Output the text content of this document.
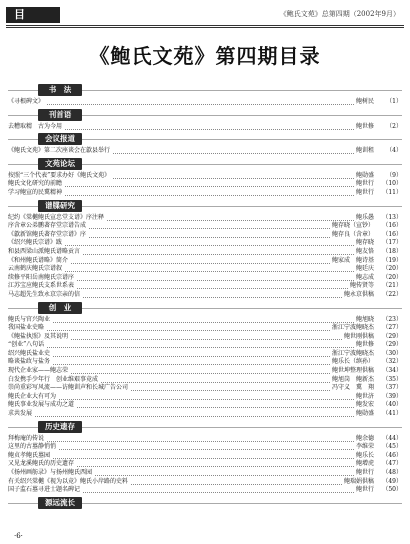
目 录
《鲍氏文苑》总第四期（2002年9月）
《鲍氏文苑》第四期目录
书　法
《寻根碑文》	鲍树民	（1）
刊首语
去糟取精　古为今用	鲍世修	（2）
会议报道
《鲍氏文苑》第二次座谈会在歙县举行	鲍训租	（4）
文苑论坛
按照“三个代表”要求办好《鲍氏文苑》	鲍勋盛	（9）
鲍氏文化研究的前瞻	鲍世行	（10）
学习鲍宣的民冀精神	鲍世行	（11）
谱牒研究
纪约《棠樾鲍氏宣忠堂支谱》序注释	鲍乐愚	（13）
序含章公弟鹏著存堂宗谱告成	鲍存晓（宣钞）	（16）
《歙新馆鲍氏著存堂宗谱》序	鲍存良（含章）	（16）
《绍兴鲍氏宗谱》跋	鲍存晓	（17）
和县西梁山派鲍氏谱略贡言	鲍友恪	（18）
《和州鲍氏谱略》简介	鲍家成　鲍诗基	（19）
云南鹤庆鲍氏宗谱叙	鲍廷庆	（20）
续修平阳岳南鲍氏宗谱序	鲍志成	（20）
江苏宝应鲍氏支系世系表	鲍传贤等	（21）
马志超先生致永京宗亲的信	鲍永京供稿	（22）
创　业
鲍氏与官兴陶业	鲍旭晓	（23）
我国盐业史略	浙江宁波鲍晓杰	（27）
《鲍盐执照》及其说明	鲍世刚供稿	（29）
“创业”八句话	鲍世修	（29）
绍兴鲍氏盐业史	浙江宁波鲍晓杰	（30）
略谈盐政与盐务	鲍乐长（缜孙）	（32）
现代企业家——鲍志荣	鲍世坤整理供稿	（34）
白发携手少年行　创业维艰事竟成	鲍旭岗　鲍新杰	（35）
崇尚重彩写风流——访鲍训声和长城广告公司	冯守义　冀　翔	（37）
鲍氏企业大有可为	鲍世济	（39）
鲍氏事业发展与成功之道	鲍发宏	（40）
求共发展	鲍勋盛	（41）
历史遗存
拜梅庵的传说	鲍余德	（44）
这里的古墓静悄悄	李维荣	（45）
鲍贞孝鲍氏墓园	鲍乐长	（46）
又见龙溪鲍氏的历史遗存	鲍增虎	（47）
《扬州画舫录》与扬州鲍氏西园	鲍世行	（48）
有关绍兴棠樾《视为以竟》鲍氏小岸路的史料	鲍瑞娟供稿	（49）
国子监石墓寻进士题名碑记	鲍世行	（50）
源远流长
·6·
